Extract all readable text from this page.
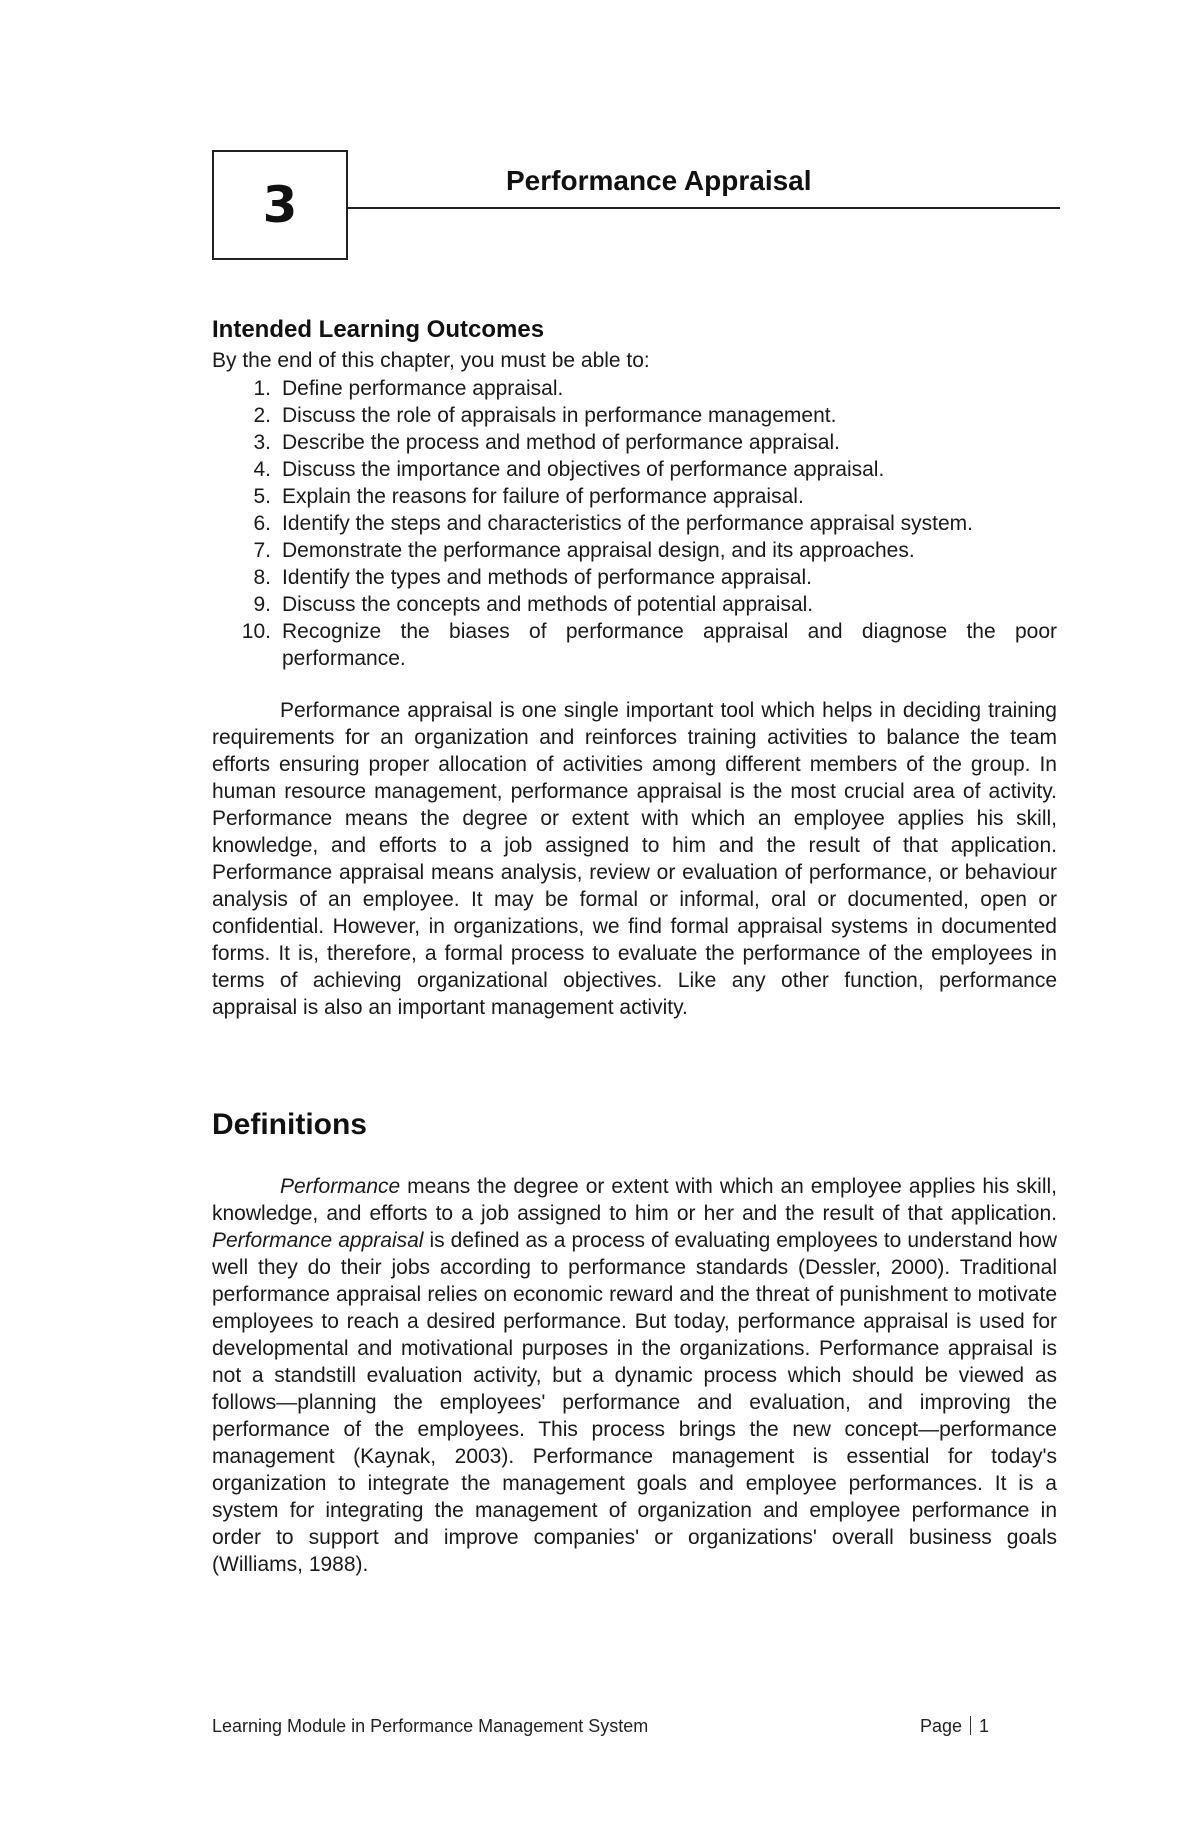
3	Performance Appraisal
Intended Learning Outcomes
By the end of this chapter, you must be able to:
1. Define performance appraisal.
2. Discuss the role of appraisals in performance management.
3. Describe the process and method of performance appraisal.
4. Discuss the importance and objectives of performance appraisal.
5. Explain the reasons for failure of performance appraisal.
6. Identify the steps and characteristics of the performance appraisal system.
7. Demonstrate the performance appraisal design, and its approaches.
8. Identify the types and methods of performance appraisal.
9. Discuss the concepts and methods of potential appraisal.
10. Recognize the biases of performance appraisal and diagnose the poor performance.

Performance appraisal is one single important tool which helps in deciding training requirements for an organization and reinforces training activities to balance the team efforts ensuring proper allocation of activities among different members of the group. In human resource management, performance appraisal is the most crucial area of activity. Performance means the degree or extent with which an employee applies his skill, knowledge, and efforts to a job assigned to him and the result of that application. Performance appraisal means analysis, review or evaluation of performance, or behaviour analysis of an employee. It may be formal or informal, oral or documented, open or confidential. However, in organizations, we find formal appraisal systems in documented forms. It is, therefore, a formal process to evaluate the performance of the employees in terms of achieving organizational objectives. Like any other function, performance appraisal is also an important management activity.

Definitions

Performance means the degree or extent with which an employee applies his skill, knowledge, and efforts to a job assigned to him or her and the result of that application. Performance appraisal is defined as a process of evaluating employees to understand how well they do their jobs according to performance standards (Dessler, 2000). Traditional performance appraisal relies on economic reward and the threat of punishment to motivate employees to reach a desired performance. But today, performance appraisal is used for developmental and motivational purposes in the organizations. Performance appraisal is not a standstill evaluation activity, but a dynamic process which should be viewed as follows—planning the employees' performance and evaluation, and improving the performance of the employees. This process brings the new concept—performance management (Kaynak, 2003). Performance management is essential for today's organization to integrate the management goals and employee performances. It is a system for integrating the management of organization and employee performance in order to support and improve companies' or organizations' overall business goals (Williams, 1988).

Learning Module in Performance Management System	Page 1
